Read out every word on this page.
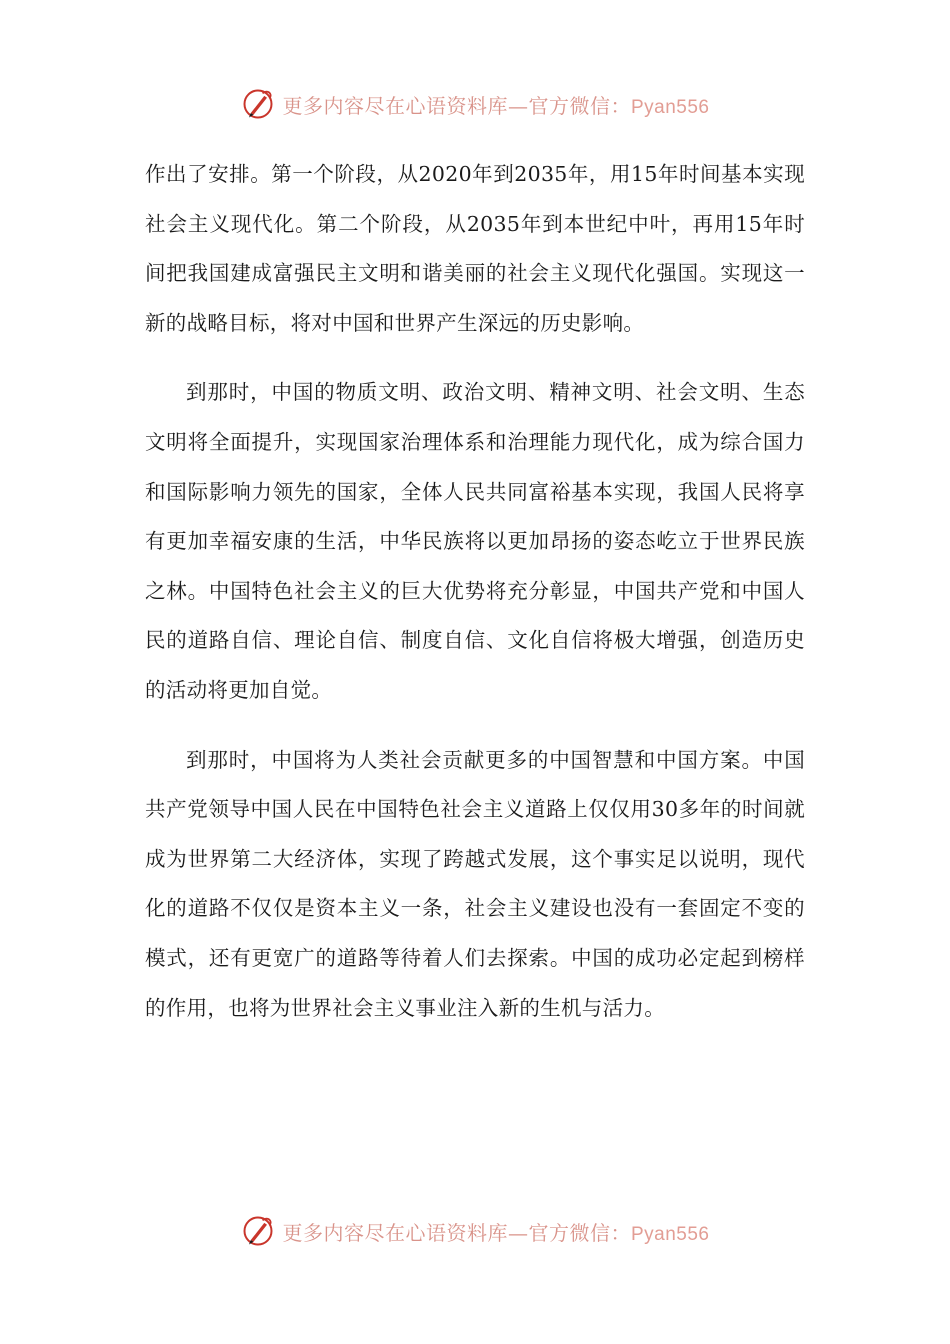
更多内容尽在心语资料库—官方微信：Pyan556

作出了安排。第一个阶段，从2020年到2035年，用15年时间基本实现社会主义现代化。第二个阶段，从2035年到本世纪中叶，再用15年时间把我国建成富强民主文明和谐美丽的社会主义现代化强国。实现这一新的战略目标，将对中国和世界产生深远的历史影响。

到那时，中国的物质文明、政治文明、精神文明、社会文明、生态文明将全面提升，实现国家治理体系和治理能力现代化，成为综合国力和国际影响力领先的国家，全体人民共同富裕基本实现，我国人民将享有更加幸福安康的生活，中华民族将以更加昂扬的姿态屹立于世界民族之林。中国特色社会主义的巨大优势将充分彰显，中国共产党和中国人民的道路自信、理论自信、制度自信、文化自信将极大增强，创造历史的活动将更加自觉。

到那时，中国将为人类社会贡献更多的中国智慧和中国方案。中国共产党领导中国人民在中国特色社会主义道路上仅仅用30多年的时间就成为世界第二大经济体，实现了跨越式发展，这个事实足以说明，现代化的道路不仅仅是资本主义一条，社会主义建设也没有一套固定不变的模式，还有更宽广的道路等待着人们去探索。中国的成功必定起到榜样的作用，也将为世界社会主义事业注入新的生机与活力。

更多内容尽在心语资料库—官方微信：Pyan556
